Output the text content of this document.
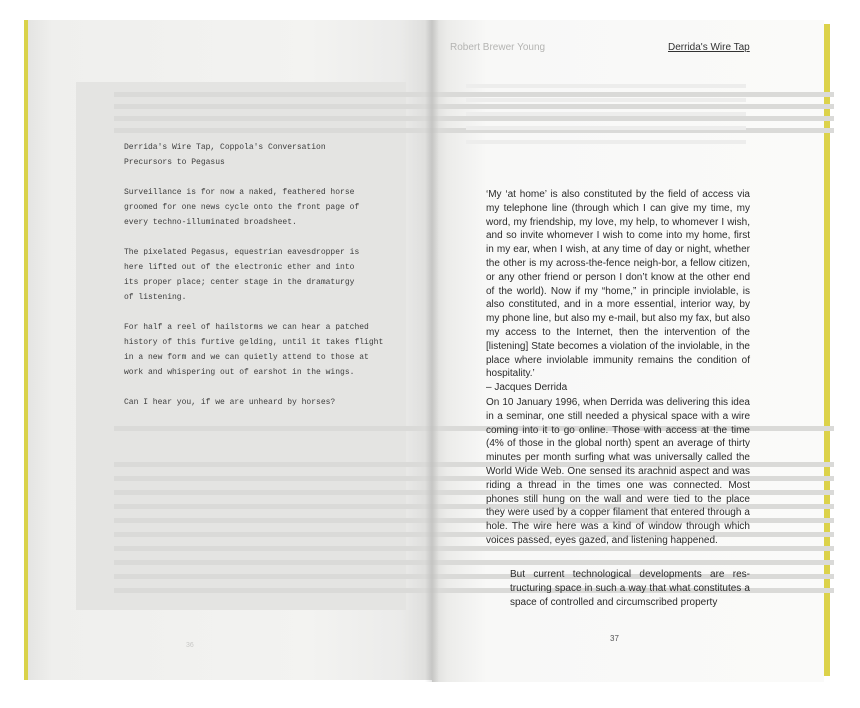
Derrida's Wire Tap, Coppola's Conversation
Precursors to Pegasus
Surveillance is for now a naked, feathered horse
groomed for one news cycle onto the front page of
every techno-illuminated broadsheet.
The pixelated Pegasus, equestrian eavesdropper is
here lifted out of the electronic ether and into
its proper place; center stage in the dramaturgy
of listening.
For half a reel of hailstorms we can hear a patched
history of this furtive gelding, until it takes flight
in a new form and we can quietly attend to those at
work and whispering out of earshot in the wings.
Can I hear you, if we are unheard by horses?
36
Robert Brewer Young	Derrida's Wire Tap

‘My ‘at home’ is also constituted by the field of access via my telephone line (through which I can give my time, my word, my friendship, my love, my help, to whomever I wish, and so invite whomever I wish to come into my home, first in my ear, when I wish, at any time of day or night, whether the other is my across-the-fence neigh-bor, a fellow citizen, or any other friend or person I don’t know at the other end of the world). Now if my “home,” in principle inviolable, is also constituted, and in a more essential, interior way, by my phone line, but also my e-mail, but also my fax, but also my access to the Internet, then the intervention of the [listening] State becomes a violation of the inviolable, in the place where inviolable immunity remains the condition of hospitality.’
– Jacques Derrida

On 10 January 1996, when Derrida was delivering this idea in a seminar, one still needed a physical space with a wire coming into it to go online. Those with access at the time (4% of those in the global north) spent an average of thirty minutes per month surfing what was universally called the World Wide Web. One sensed its arachnid aspect and was riding a thread in the times one was connected. Most phones still hung on the wall and were tied to the place they were used by a copper filament that entered through a hole. The wire here was a kind of window through which voices passed, eyes gazed, and listening happened.

But current technological developments are res-tructuring space in such a way that what constitutes a space of controlled and circumscribed property

37
